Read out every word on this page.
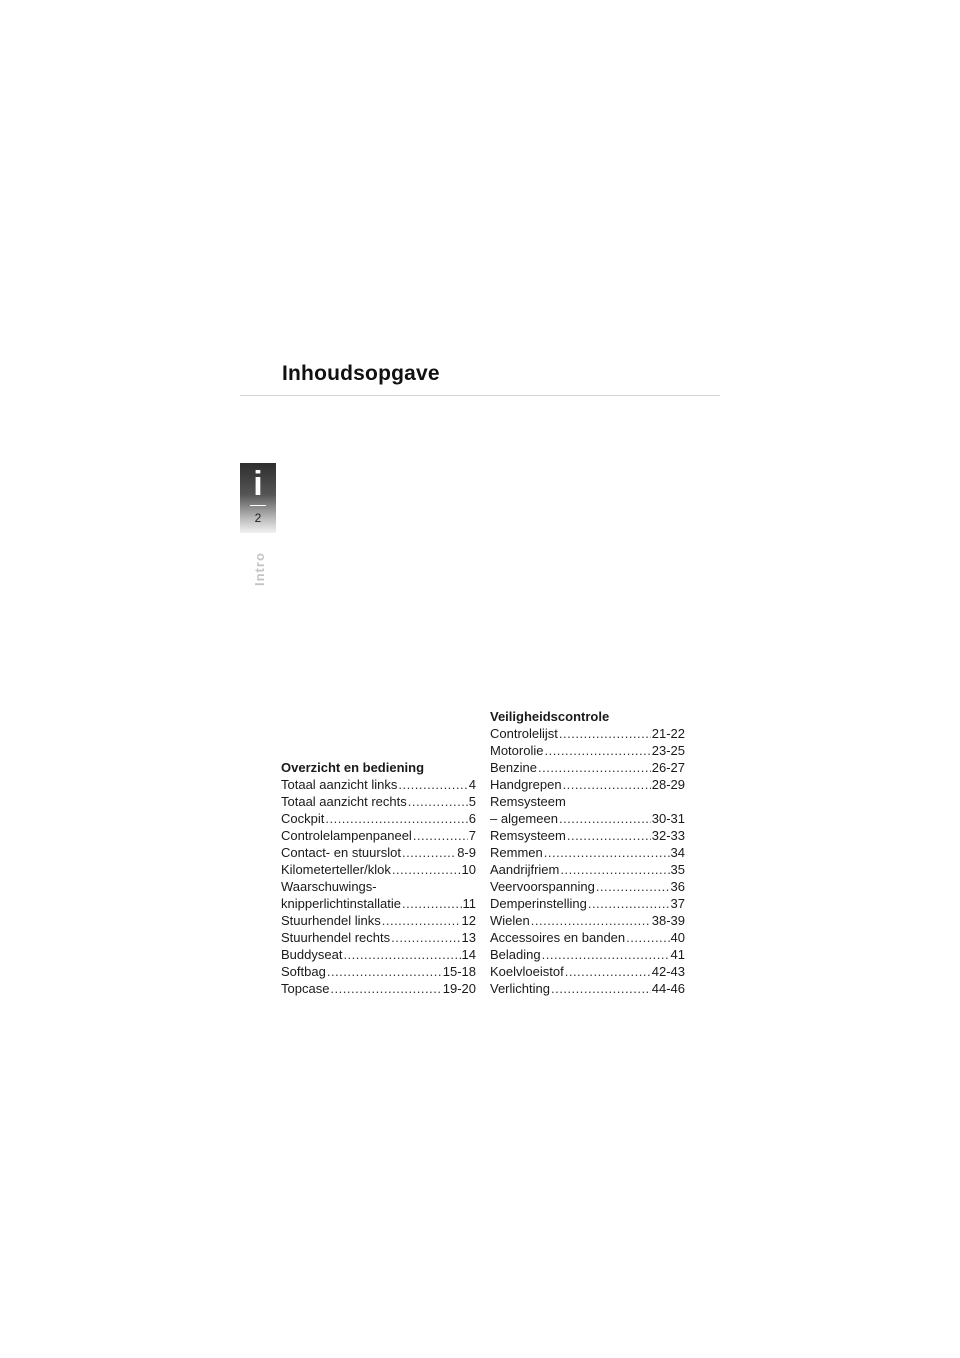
Inhoudsopgave
i
2
Intro
Overzicht en bediening
Totaal aanzicht links .....	4
Totaal aanzicht rechts .....	5
Cockpit .....	6
Controlelampenpaneel .....	7
Contact- en stuurslot .....	8-9
Kilometerteller/klok .....	10
Waarschuwings-
knipperlichtinstallatie .....	11
Stuurhendel links .....	12
Stuurhendel rechts .....	13
Buddyseat .....	14
Softbag .....	15-18
Topcase .....	19-20
Veiligheidscontrole
Controlelijst .....	21-22
Motorolie .....	23-25
Benzine .....	26-27
Handgrepen .....	28-29
Remsysteem
– algemeen .....	30-31
Remsysteem .....	32-33
Remmen .....	34
Aandrijfriem .....	35
Veervoorspanning .....	36
Demperinstelling .....	37
Wielen .....	38-39
Accessoires en banden .....	40
Belading .....	41
Koelvloeistof .....	42-43
Verlichting .....	44-46
